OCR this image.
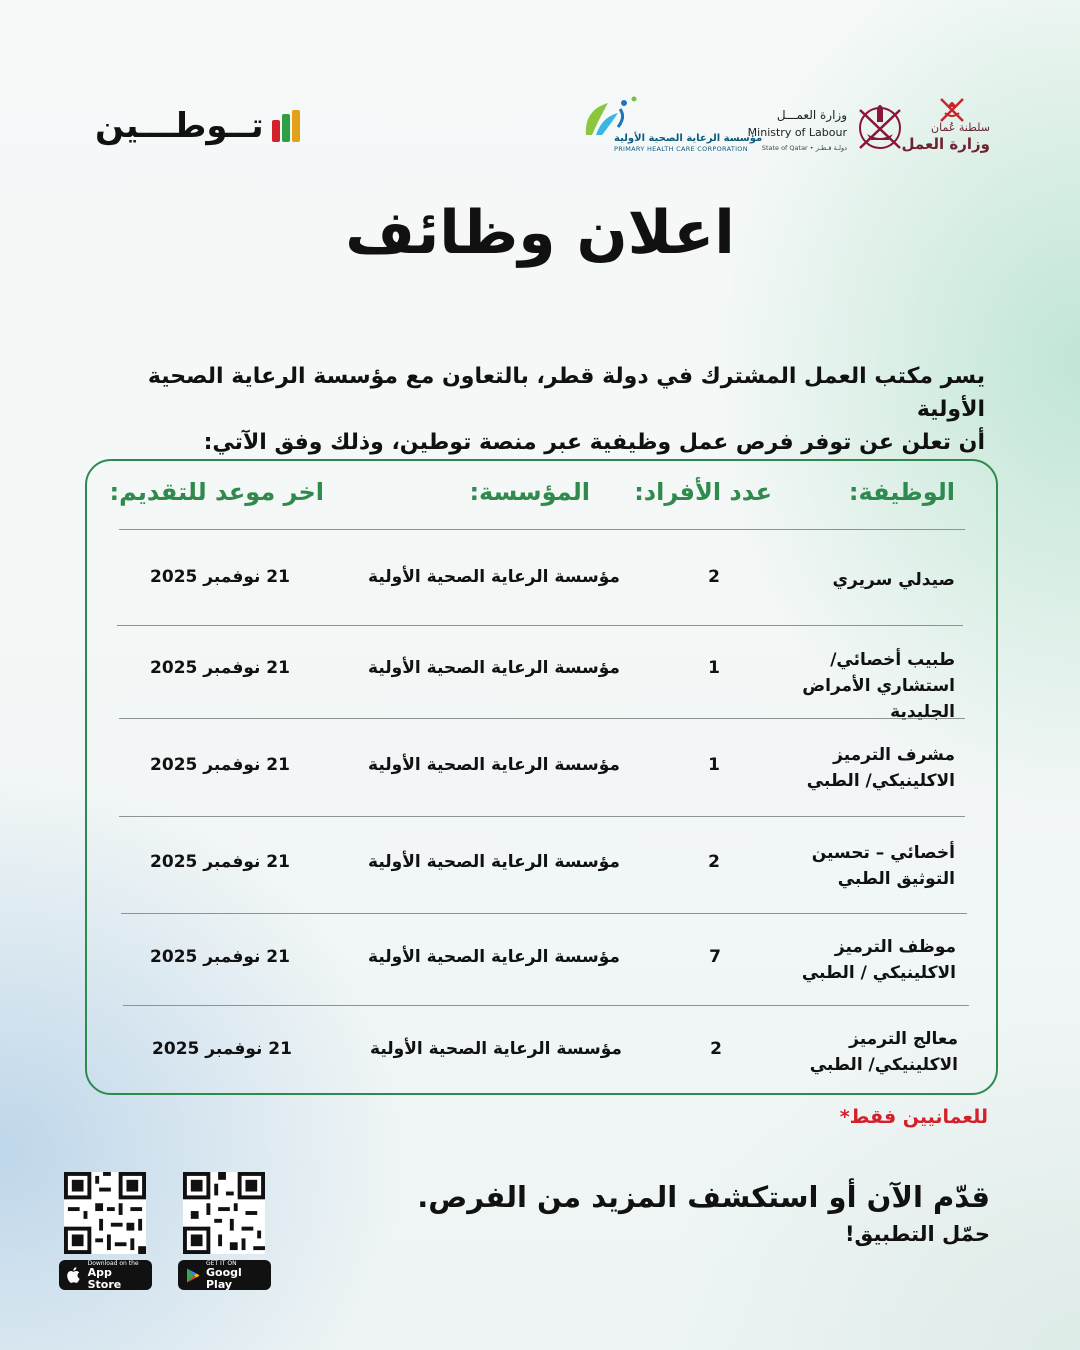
تــوطـــين	مؤسسة الرعاية الصحية الأولية
PRIMARY HEALTH CARE CORPORATION
وزارة العمـــل
Ministry of Labour
State of Qatar • دولـة قـطـر
سلطنة عُمان
وزارة العمل
اعلان وظائف
يسر مكتب العمل المشترك في دولة قطر، بالتعاون مع مؤسسة الرعاية الصحية الأولية
أن تعلن عن توفر فرص عمل وظيفية عبر منصة توطين، وذلك وفق الآتي:
الوظيفة:
عدد الأفراد:
المؤسسة:
اخر موعد للتقديم:
صيدلي سريري
2
مؤسسة الرعاية الصحية الأولية
21 نوفمبر 2025
طبيب أخصائي/ استشاري الأمراض الجليدية
1
مؤسسة الرعاية الصحية الأولية
21 نوفمبر 2025
مشرف الترميز الاكلينيكي/ الطبي
1
مؤسسة الرعاية الصحية الأولية
21 نوفمبر 2025
أخصائي – تحسين التوثيق الطبي
2
مؤسسة الرعاية الصحية الأولية
21 نوفمبر 2025
موظف الترميز الاكلينيكي / الطبي
7
مؤسسة الرعاية الصحية الأولية
21 نوفمبر 2025
معالج الترميز الاكلينيكي/ الطبي
2
مؤسسة الرعاية الصحية الأولية
21 نوفمبر 2025
للعمانيين فقط*
قدّم الآن أو استكشف المزيد من الفرص.
حمّل التطبيق!
Download on the
App Store
GET IT ON
Googl Play
